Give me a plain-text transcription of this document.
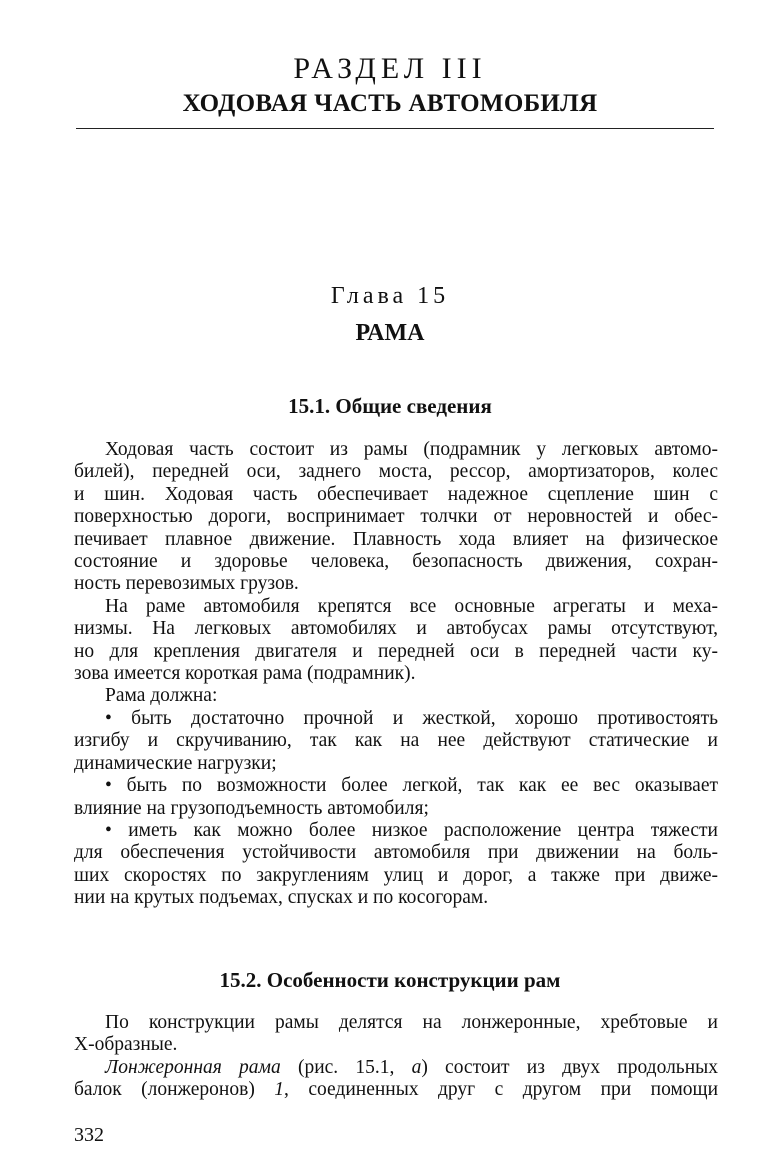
РАЗДЕЛ III
ХОДОВАЯ ЧАСТЬ АВТОМОБИЛЯ
Глава 15
РАМА
15.1. Общие сведения

Ходовая часть состоит из рамы (подрамник у легковых автомо-

билей), передней оси, заднего моста, рессор, амортизаторов, колес

и шин. Ходовая часть обеспечивает надежное сцепление шин с

поверхностью дороги, воспринимает толчки от неровностей и обес-

печивает плавное движение. Плавность хода влияет на физическое

состояние и здоровье человека, безопасность движения, сохран-

ность перевозимых грузов.

На раме автомобиля крепятся все основные агрегаты и меха-

низмы. На легковых автомобилях и автобусах рамы отсутствуют,

но для крепления двигателя и передней оси в передней части ку-

зова имеется короткая рама (подрамник).

Рама должна:

• быть достаточно прочной и жесткой, хорошо противостоять

изгибу и скручиванию, так как на нее действуют статические и

динамические нагрузки;

• быть по возможности более легкой, так как ее вес оказывает

влияние на грузоподъемность автомобиля;

• иметь как можно более низкое расположение центра тяжести

для обеспечения устойчивости автомобиля при движении на боль-

ших скоростях по закруглениям улиц и дорог, а также при движе-

нии на крутых подъемах, спусках и по косогорам.

15.2. Особенности конструкции рам

По конструкции рамы делятся на лонжеронные, хребтовые и

Х-образные.

Лонжеронная рама (рис. 15.1, а) состоит из двух продольных

балок (лонжеронов) 1, соединенных друг с другом при помощи

332
